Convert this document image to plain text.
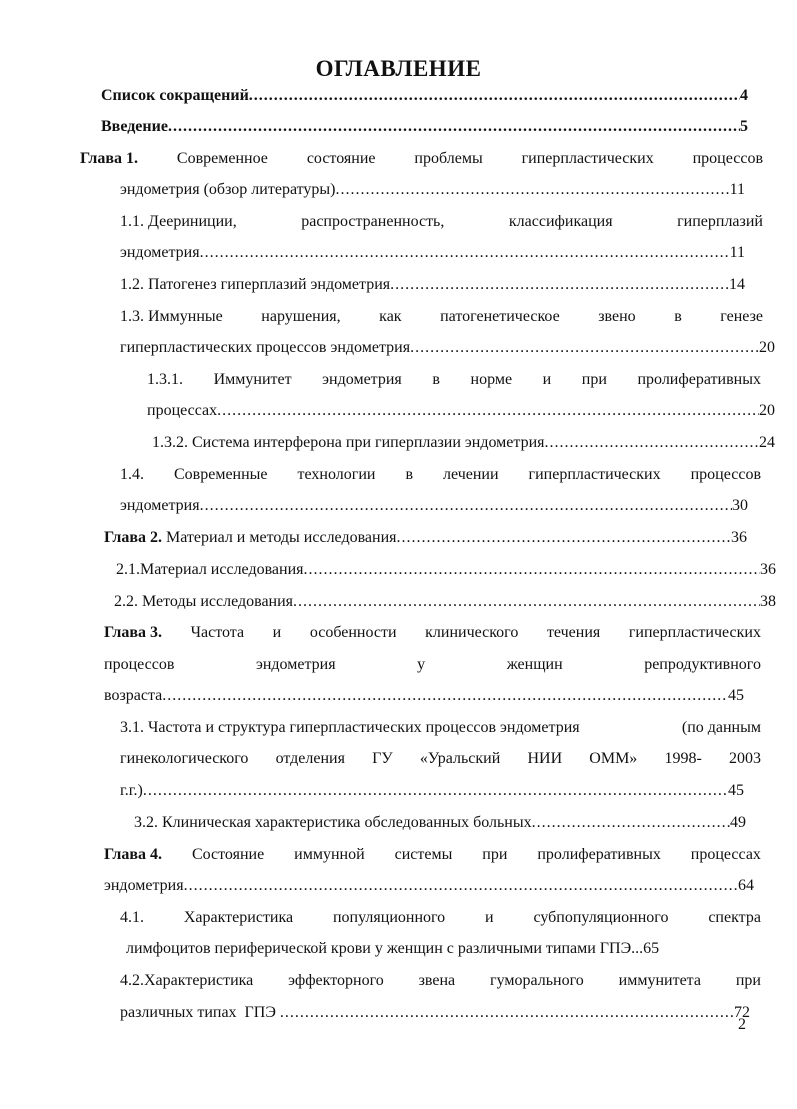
ОГЛАВЛЕНИЕ
Список сокращений .....	4
Введение .....	5
Глава 1. Современное состояние проблемы гиперпластических процессов
эндометрия (обзор литературы) .....	11
1.1. Деериниции,	распространенность,	классификация	гиперплазий
эндометрия .....	11
1.2. Патогенез гиперплазий эндометрия .....	14
1.3. Иммунные нарушения, как патогенетическое звено в генезе
гиперпластических процессов эндометрия .....	20
1.3.1. Иммунитет эндометрия в норме и при пролиферативных
процессах .....	20
1.3.2. Система интерферона при гиперплазии эндометрия .....	24
1.4. Современные технологии в лечении гиперпластических процессов
эндометрия .....	30
Глава 2. Материал и методы исследования .....	36
2.1.Материал исследования .....	36
2.2. Методы исследования .....	38
Глава 3. Частота и особенности клинического течения гиперпластических
процессов	эндометрия	у	женщин	репродуктивного
возраста .....	45
3.1. Частота и структура гиперпластических процессов эндометрия	(по данным
гинекологического отделения ГУ «Уральский НИИ ОММ» 1998- 2003
г.г.) .....	45
3.2. Клиническая характеристика обследованных больных .....	49
Глава 4. Состояние иммунной системы при пролиферативных процессах
эндометрия .....	64
4.1. Характеристика популяционного и субпопуляционного спектра
лимфоцитов периферической крови у женщин с различными типами ГПЭ...65
4.2.Характеристика эффекторного звена гуморального иммунитета при
различных типах  ГПЭ .....	72
2
